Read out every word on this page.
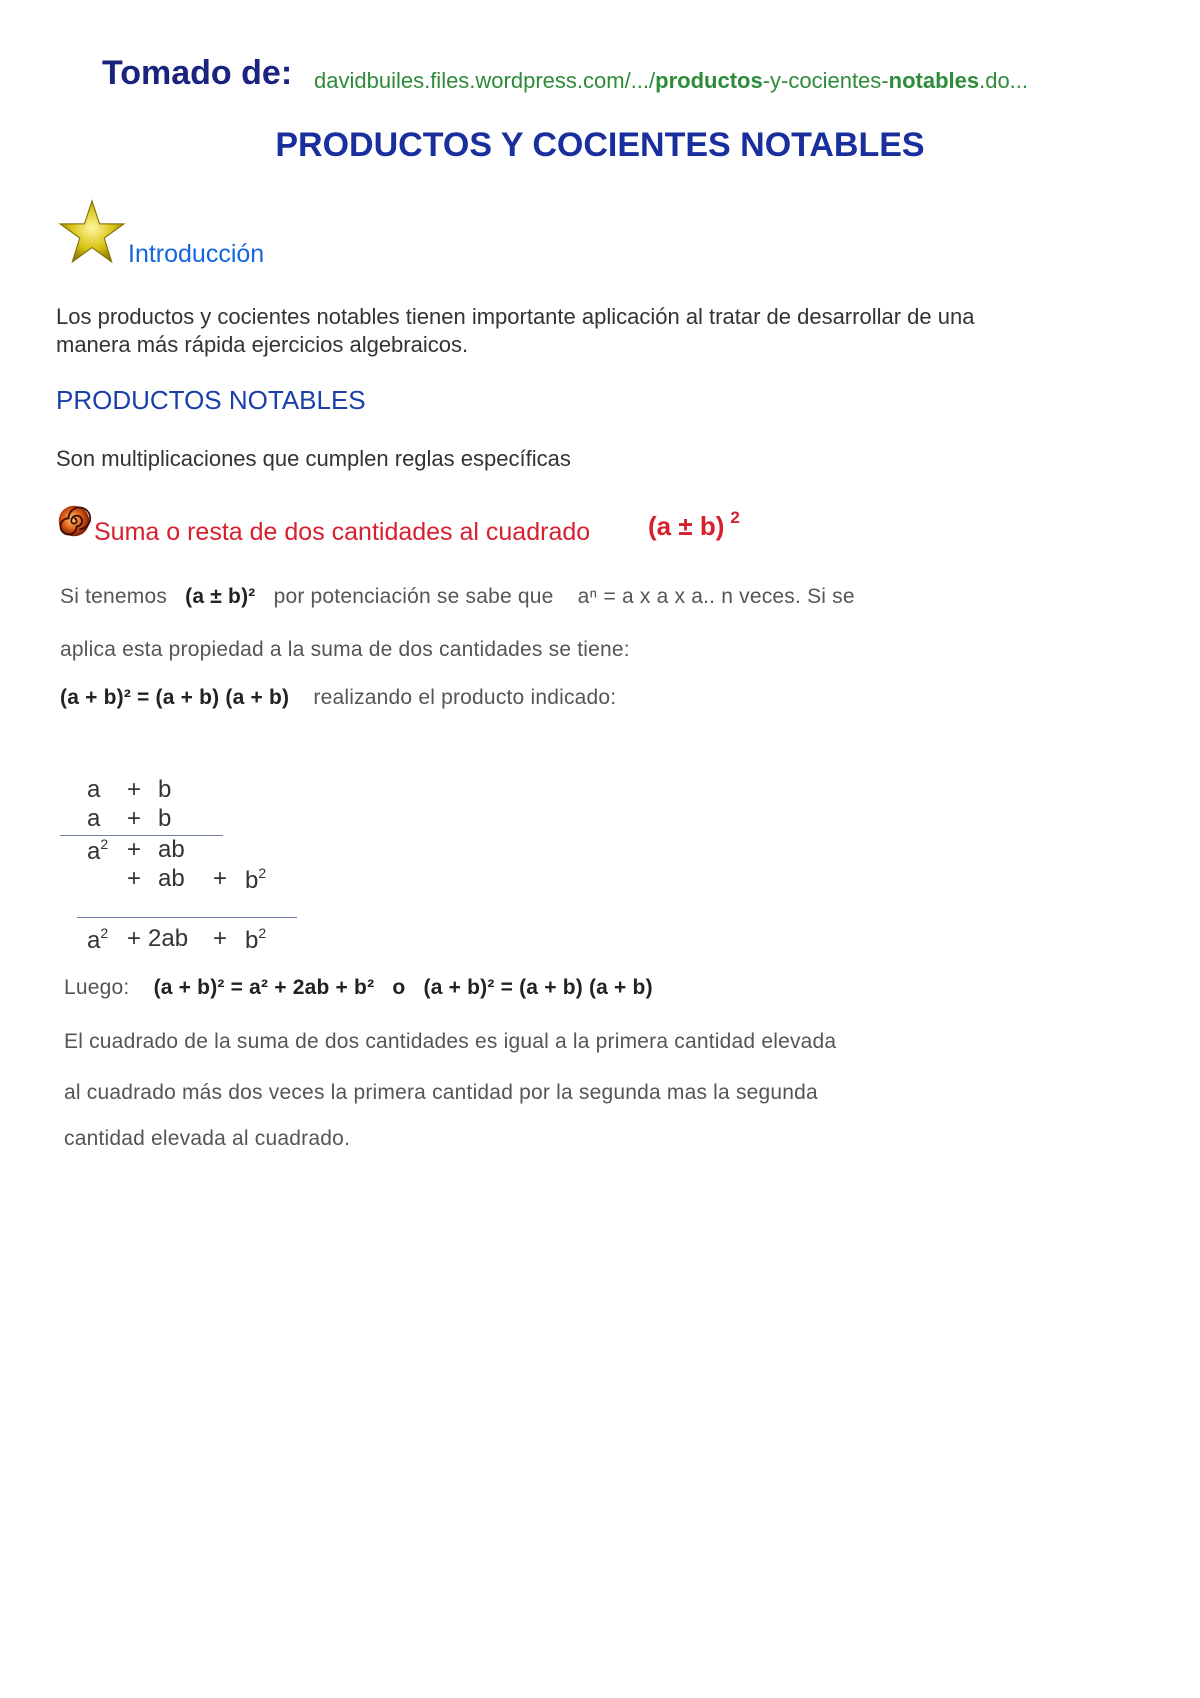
Tomado de: davidbuiles.files.wordpress.com/.../productos-y-cocientes-notables.do...
PRODUCTOS Y COCIENTES NOTABLES
Introducción
Los productos y cocientes notables tienen importante aplicación al tratar de desarrollar de una
manera más rápida ejercicios algebraicos.
PRODUCTOS NOTABLES
Son multiplicaciones que cumplen reglas específicas
Suma o resta de dos cantidades al cuadrado (a ± b) $^2$
Si tenemos (a ± b)² por potenciación se sabe que aⁿ = a x a x a.. n veces. Si se
aplica esta propiedad a la suma de dos cantidades se tiene:
(a + b)² = (a + b) (a + b) realizando el producto indicado:
a + b
a + b
$a^2$ + ab
+ ab + $b^2$
$a^2 + 2ab + b^2$
Luego: (a + b)² = a² + 2ab + b² o (a + b)² = (a + b) (a + b)
El cuadrado de la suma de dos cantidades es igual a la primera cantidad elevada
al cuadrado más dos veces la primera cantidad por la segunda mas la segunda
cantidad elevada al cuadrado.
